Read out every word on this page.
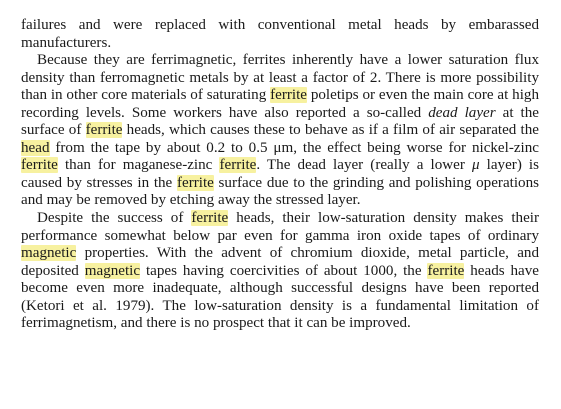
failures and were replaced with conventional metal heads by embarassed manufacturers.

Because they are ferrimagnetic, ferrites inherently have a lower saturation flux density than ferromagnetic metals by at least a factor of 2. There is more possibility than in other core materials of saturating ferrite poletips or even the main core at high recording levels. Some workers have also reported a so-called dead layer at the surface of ferrite heads, which causes these to behave as if a film of air separated the head from the tape by about 0.2 to 0.5 μm, the effect being worse for nickel-zinc ferrite than for maganese-zinc ferrite. The dead layer (really a lower μ layer) is caused by stresses in the ferrite surface due to the grinding and polishing operations and may be removed by etching away the stressed layer.

Despite the success of ferrite heads, their low-saturation density makes their performance somewhat below par even for gamma iron oxide tapes of ordinary magnetic properties. With the advent of chromium dioxide, metal particle, and deposited magnetic tapes having coercivities of about 1000, the ferrite heads have become even more inadequate, although successful designs have been reported (Ketori et al. 1979). The low-saturation density is a fundamental limitation of ferrimagnetism, and there is no prospect that it can be improved.
